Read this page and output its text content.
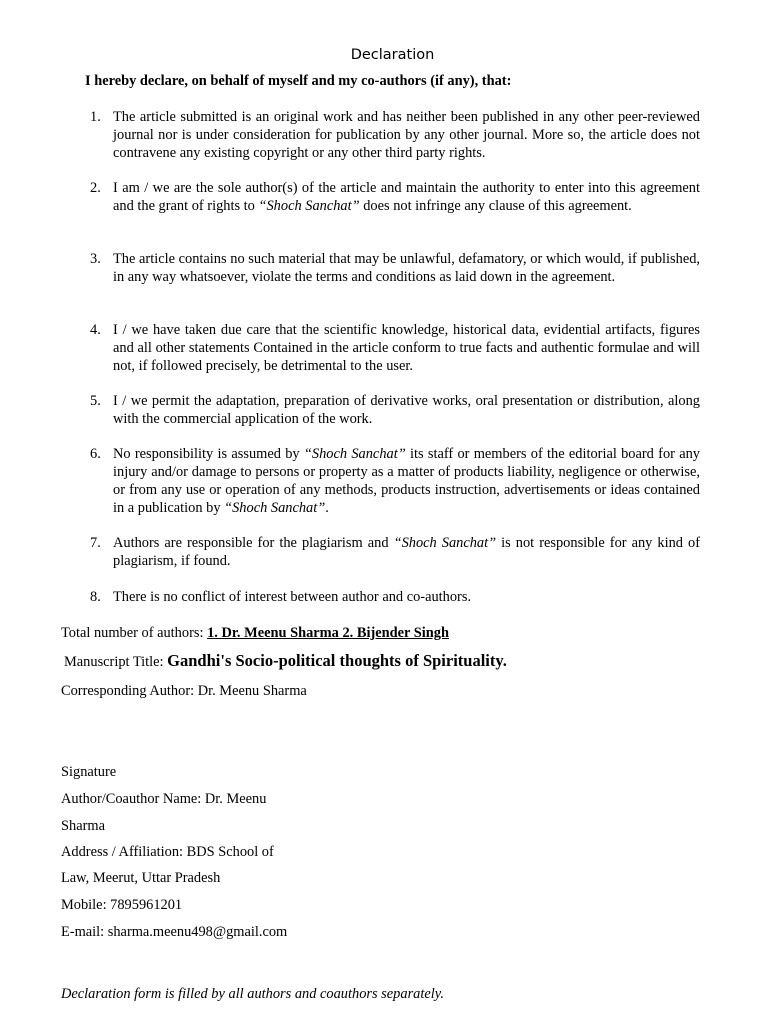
Declaration
I hereby declare, on behalf of myself and my co-authors (if any), that:
1. The article submitted is an original work and has neither been published in any other peer-reviewed journal nor is under consideration for publication by any other journal. More so, the article does not contravene any existing copyright or any other third party rights.
2. I am / we are the sole author(s) of the article and maintain the authority to enter into this agreement and the grant of rights to “Shoch Sanchat” does not infringe any clause of this agreement.
3. The article contains no such material that may be unlawful, defamatory, or which would, if published, in any way whatsoever, violate the terms and conditions as laid down in the agreement.
4. I / we have taken due care that the scientific knowledge, historical data, evidential artifacts, figures and all other statements Contained in the article conform to true facts and authentic formulae and will not, if followed precisely, be detrimental to the user.
5. I / we permit the adaptation, preparation of derivative works, oral presentation or distribution, along with the commercial application of the work.
6. No responsibility is assumed by “Shoch Sanchat” its staff or members of the editorial board for any injury and/or damage to persons or property as a matter of products liability, negligence or otherwise, or from any use or operation of any methods, products instruction, advertisements or ideas contained in a publication by “Shoch Sanchat”.
7. Authors are responsible for the plagiarism and “Shoch Sanchat” is not responsible for any kind of plagiarism, if found.
8. There is no conflict of interest between author and co-authors.
Total number of authors: 1. Dr. Meenu Sharma 2. Bijender Singh
Manuscript Title: Gandhi's Socio-political thoughts of Spirituality.
Corresponding Author: Dr. Meenu Sharma
Signature
Author/Coauthor Name: Dr. Meenu
Sharma
Address / Affiliation: BDS School of
Law, Meerut, Uttar Pradesh
Mobile: 7895961201
E-mail: sharma.meenu498@gmail.com
Declaration form is filled by all authors and coauthors separately.
